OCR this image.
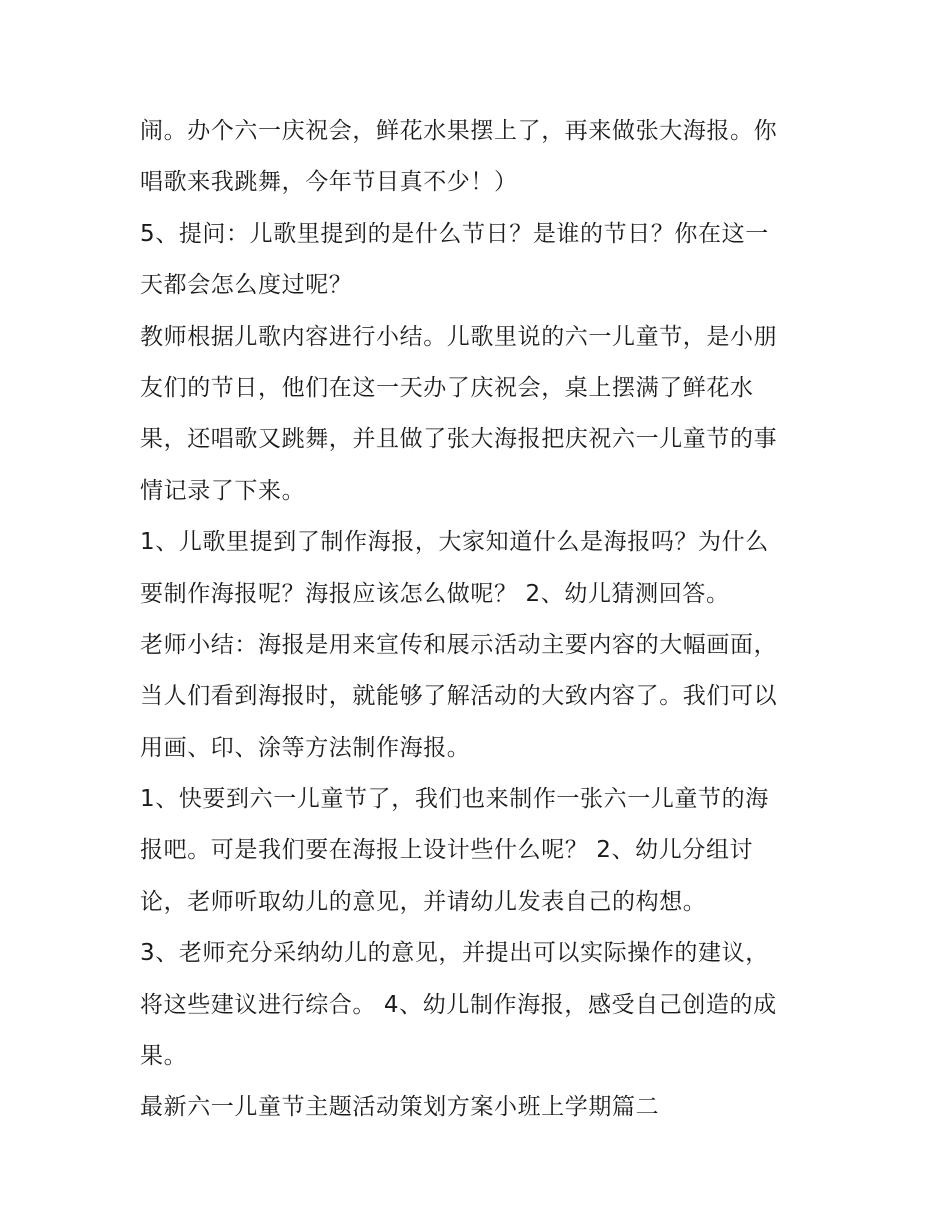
闹。办个六一庆祝会，鲜花水果摆上了，再来做张大海报。你
唱歌来我跳舞，今年节目真不少！）
5、提问：儿歌里提到的是什么节日？是谁的节日？你在这一
天都会怎么度过呢？
教师根据儿歌内容进行小结。儿歌里说的六一儿童节，是小朋
友们的节日，他们在这一天办了庆祝会，桌上摆满了鲜花水
果，还唱歌又跳舞，并且做了张大海报把庆祝六一儿童节的事
情记录了下来。
1、儿歌里提到了制作海报，大家知道什么是海报吗？为什么
要制作海报呢？海报应该怎么做呢？ 2、幼儿猜测回答。
老师小结：海报是用来宣传和展示活动主要内容的大幅画面，
当人们看到海报时，就能够了解活动的大致内容了。我们可以
用画、印、涂等方法制作海报。
1、快要到六一儿童节了，我们也来制作一张六一儿童节的海
报吧。可是我们要在海报上设计些什么呢？ 2、幼儿分组讨
论，老师听取幼儿的意见，并请幼儿发表自己的构想。
3、老师充分采纳幼儿的意见，并提出可以实际操作的建议，
将这些建议进行综合。 4、幼儿制作海报，感受自己创造的成
果。
最新六一儿童节主题活动策划方案小班上学期篇二
